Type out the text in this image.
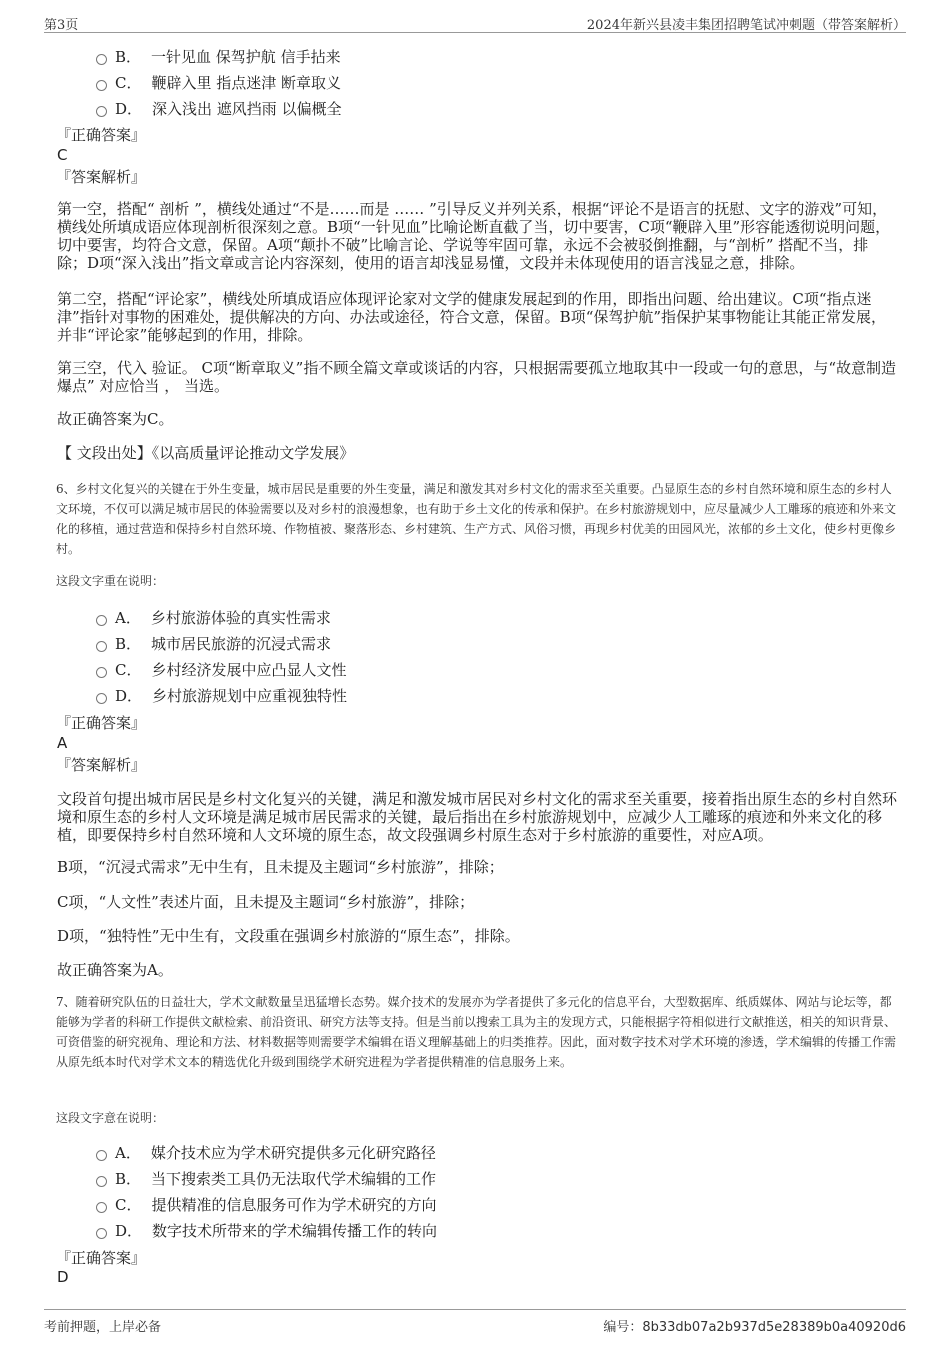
第3页	2024年新兴县凌丰集团招聘笔试冲刺题（带答案解析）
B． 一针见血 保驾护航 信手拈来
C． 鞭辟入里 指点迷津 断章取义
D． 深入浅出 遮风挡雨 以偏概全
『正确答案』
C
『答案解析』

第一空，搭配“ 剖析 ”，横线处通过“不是……而是 …… ”引导反义并列关系，根据“评论不是语言的抚慰、文字的游戏”可知，横线处所填成语应体现剖析很深刻之意。B项“一针见血”比喻论断直截了当，切中要害，C项“鞭辟入里”形容能透彻说明问题，切中要害，均符合文意，保留。A项“颠扑不破”比喻言论、学说等牢固可靠，永远不会被驳倒推翻，与“剖析” 搭配不当，排除；D项“深入浅出”指文章或言论内容深刻，使用的语言却浅显易懂，文段并未体现使用的语言浅显之意，排除。

第二空，搭配“评论家”，横线处所填成语应体现评论家对文学的健康发展起到的作用，即指出问题、给出建议。C项“指点迷津”指针对事物的困难处，提供解决的方向、办法或途径，符合文意，保留。B项“保驾护航”指保护某事物能让其能正常发展，并非“评论家”能够起到的作用，排除。

第三空，代入 验证。 C项“断章取义”指不顾全篇文章或谈话的内容，只根据需要孤立地取其中一段或一句的意思，与“故意制造爆点” 对应恰当 ， 当选。

故正确答案为C。

【 文段出处】《以高质量评论推动文学发展》

6、乡村文化复兴的关键在于外生变量，城市居民是重要的外生变量，满足和激发其对乡村文化的需求至关重要。凸显原生态的乡村自然环境和原生态的乡村人文环境，不仅可以满足城市居民的体验需要以及对乡村的浪漫想象，也有助于乡土文化的传承和保护。在乡村旅游规划中，应尽量减少人工雕琢的痕迹和外来文化的移植，通过营造和保持乡村自然环境、作物植被、聚落形态、乡村建筑、生产方式、风俗习惯，再现乡村优美的田园风光，浓郁的乡土文化，使乡村更像乡村。

这段文字重在说明：
A． 乡村旅游体验的真实性需求
B． 城市居民旅游的沉浸式需求
C． 乡村经济发展中应凸显人文性
D． 乡村旅游规划中应重视独特性
『正确答案』
A
『答案解析』

文段首句提出城市居民是乡村文化复兴的关键，满足和激发城市居民对乡村文化的需求至关重要，接着指出原生态的乡村自然环境和原生态的乡村人文环境是满足城市居民需求的关键，最后指出在乡村旅游规划中，应减少人工雕琢的痕迹和外来文化的移植，即要保持乡村自然环境和人文环境的原生态，故文段强调乡村原生态对于乡村旅游的重要性，对应A项。

B项，“沉浸式需求”无中生有，且未提及主题词“乡村旅游”，排除；

C项，“人文性”表述片面，且未提及主题词“乡村旅游”，排除；

D项，“独特性”无中生有，文段重在强调乡村旅游的“原生态”，排除。

故正确答案为A。

7、随着研究队伍的日益壮大，学术文献数量呈迅猛增长态势。媒介技术的发展亦为学者提供了多元化的信息平台，大型数据库、纸质媒体、网站与论坛等，都能够为学者的科研工作提供文献检索、前沿资讯、研究方法等支持。但是当前以搜索工具为主的发现方式，只能根据字符相似进行文献推送，相关的知识背景、可资借鉴的研究视角、理论和方法、材料数据等则需要学术编辑在语义理解基础上的归类推荐。因此，面对数字技术对学术环境的渗透，学术编辑的传播工作需从原先纸本时代对学术文本的精选优化升级到围绕学术研究进程为学者提供精准的信息服务上来。

这段文字意在说明：
A． 媒介技术应为学术研究提供多元化研究路径
B． 当下搜索类工具仍无法取代学术编辑的工作
C． 提供精准的信息服务可作为学术研究的方向
D． 数字技术所带来的学术编辑传播工作的转向
『正确答案』
D
考前押题，上岸必备	编号：8b33db07a2b937d5e28389b0a40920d6
